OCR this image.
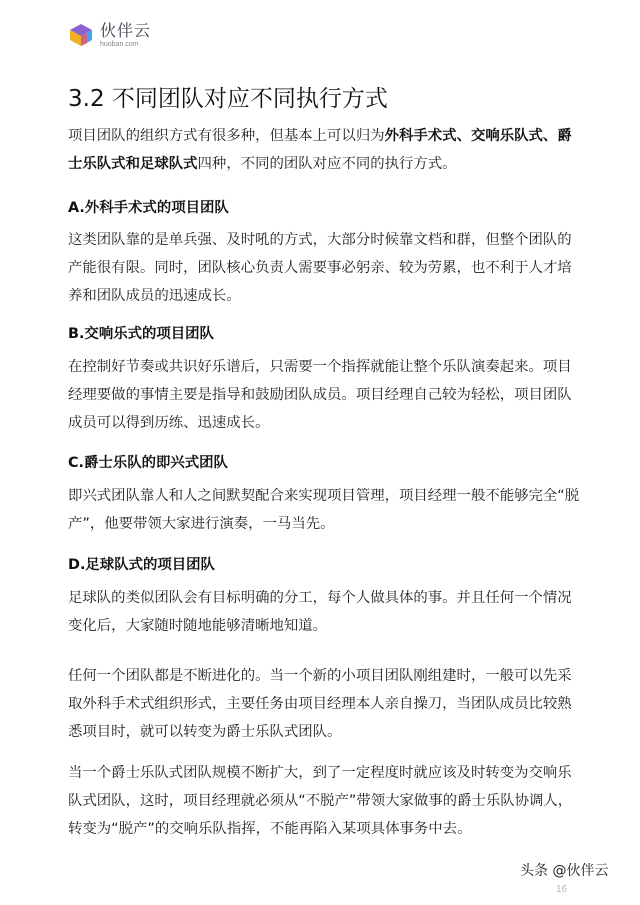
伙伴云
huoban.com
3.2 不同团队对应不同执行方式

项目团队的组织方式有很多种，但基本上可以归为外科手术式、交响乐队式、爵士乐队式和足球队式四种，不同的团队对应不同的执行方式。

A.外科手术式的项目团队

这类团队靠的是单兵强、及时吼的方式，大部分时候靠文档和群，但整个团队的产能很有限。同时，团队核心负责人需要事必躬亲、较为劳累，也不利于人才培养和团队成员的迅速成长。

B.交响乐式的项目团队

在控制好节奏或共识好乐谱后，只需要一个指挥就能让整个乐队演奏起来。项目经理要做的事情主要是指导和鼓励团队成员。项目经理自己较为轻松，项目团队成员可以得到历练、迅速成长。

C.爵士乐队的即兴式团队

即兴式团队靠人和人之间默契配合来实现项目管理，项目经理一般不能够完全“脱产”，他要带领大家进行演奏，一马当先。

D.足球队式的项目团队

足球队的类似团队会有目标明确的分工，每个人做具体的事。并且任何一个情况变化后，大家随时随地能够清晰地知道。

任何一个团队都是不断进化的。当一个新的小项目团队刚组建时，一般可以先采取外科手术式组织形式，主要任务由项目经理本人亲自操刀，当团队成员比较熟悉项目时，就可以转变为爵士乐队式团队。

当一个爵士乐队式团队规模不断扩大，到了一定程度时就应该及时转变为交响乐队式团队，这时，项目经理就必须从“不脱产”带领大家做事的爵士乐队协调人，转变为“脱产”的交响乐队指挥，不能再陷入某项具体事务中去。

头条 @伙伴云
16
